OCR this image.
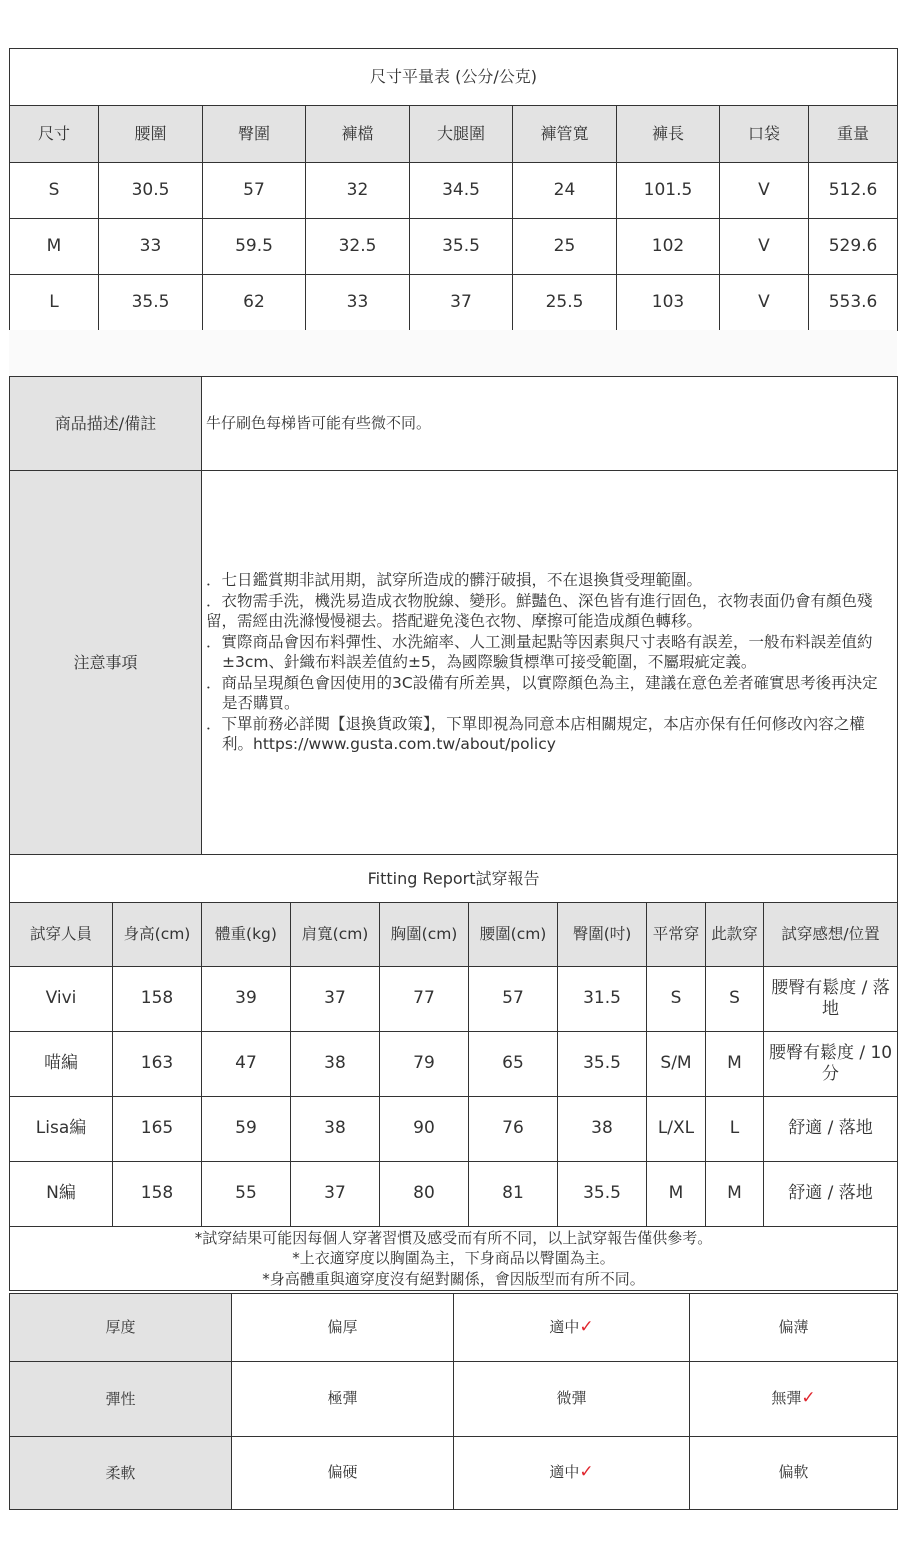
尺寸平量表 (公分/公克)								
尺寸	腰圍	臀圍	褲檔	大腿圍	褲管寬	褲長	口袋	重量
S	30.5	57	32	34.5	24	101.5	V	512.6
M	33	59.5	32.5	35.5	25	102	V	529.6
L	35.5	62	33	37	25.5	103	V	553.6
商品描述/備註	牛仔刷色每梯皆可能有些微不同。
注意事項	．七日鑑賞期非試用期，試穿所造成的髒汙破損，不在退換貨受理範圍。
．衣物需手洗，機洗易造成衣物脫線、變形。鮮豔色、深色皆有進行固色，衣物表面仍會有顏色殘留，需經由洗滌慢慢褪去。搭配避免淺色衣物、摩擦可能造成顏色轉移。
．實際商品會因布料彈性、水洗縮率、人工測量起點等因素與尺寸表略有誤差，一般布料誤差值約±3cm、針織布料誤差值約±5，為國際驗貨標準可接受範圍，不屬瑕疵定義。
．商品呈現顏色會因使用的3C設備有所差異，以實際顏色為主，建議在意色差者確實思考後再決定是否購買。
．下單前務必詳閱【退換貨政策】，下單即視為同意本店相關規定，本店亦保有任何修改內容之權利。https://www.gusta.com.tw/about/policy
Fitting Report試穿報告									
試穿人員	身高(cm)	體重(kg)	肩寬(cm)	胸圍(cm)	腰圍(cm)	臀圍(吋)	平常穿	此款穿	試穿感想/位置
Vivi	158	39	37	77	57	31.5	S	S	腰臀有鬆度 / 落地
喵編	163	47	38	79	65	35.5	S/M	M	腰臀有鬆度 / 10分
Lisa編	165	59	38	90	76	38	L/XL	L	舒適 / 落地
N編	158	55	37	80	81	35.5	M	M	舒適 / 落地

*試穿結果可能因每個人穿著習慣及感受而有所不同，以上試穿報告僅供參考。
*上衣適穿度以胸圍為主，下身商品以臀圍為主。
*身高體重與適穿度沒有絕對關係，會因版型而有所不同。									
厚度	偏厚	適中✓	偏薄
彈性	極彈	微彈	無彈✓
柔軟	偏硬	適中✓	偏軟
